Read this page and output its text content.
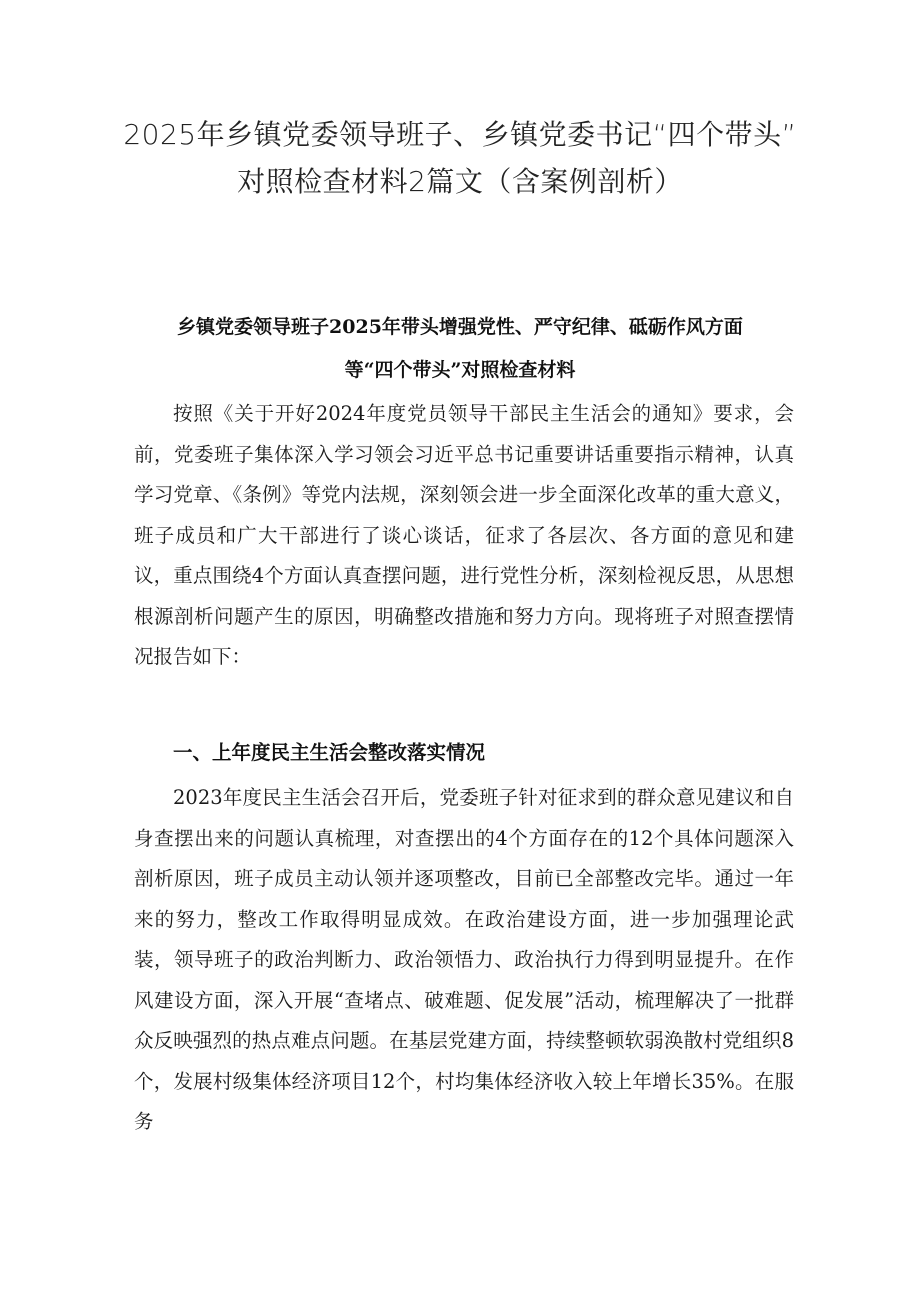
2025年乡镇党委领导班子、乡镇党委书记“四个带头”
对照检查材料2篇文（含案例剖析）
乡镇党委领导班子2025年带头增强党性、严守纪律、砥砺作风方面
等“四个带头”对照检查材料
按照《关于开好2024年度党员领导干部民主生活会的通知》要求，会前，党委班子集体深入学习领会习近平总书记重要讲话重要指示精神，认真学习党章、《条例》等党内法规，深刻领会进一步全面深化改革的重大意义，班子成员和广大干部进行了谈心谈话，征求了各层次、各方面的意见和建议，重点围绕4个方面认真查摆问题，进行党性分析，深刻检视反思，从思想根源剖析问题产生的原因，明确整改措施和努力方向。现将班子对照查摆情况报告如下：
一、上年度民主生活会整改落实情况
2023年度民主生活会召开后，党委班子针对征求到的群众意见建议和自身查摆出来的问题认真梳理，对查摆出的4个方面存在的12个具体问题深入剖析原因，班子成员主动认领并逐项整改，目前已全部整改完毕。通过一年来的努力，整改工作取得明显成效。在政治建设方面，进一步加强理论武装，领导班子的政治判断力、政治领悟力、政治执行力得到明显提升。在作风建设方面，深入开展“查堵点、破难题、促发展”活动，梳理解决了一批群众反映强烈的热点难点问题。在基层党建方面，持续整顿软弱涣散村党组织8个，发展村级集体经济项目12个，村均集体经济收入较上年增长35%。在服务
